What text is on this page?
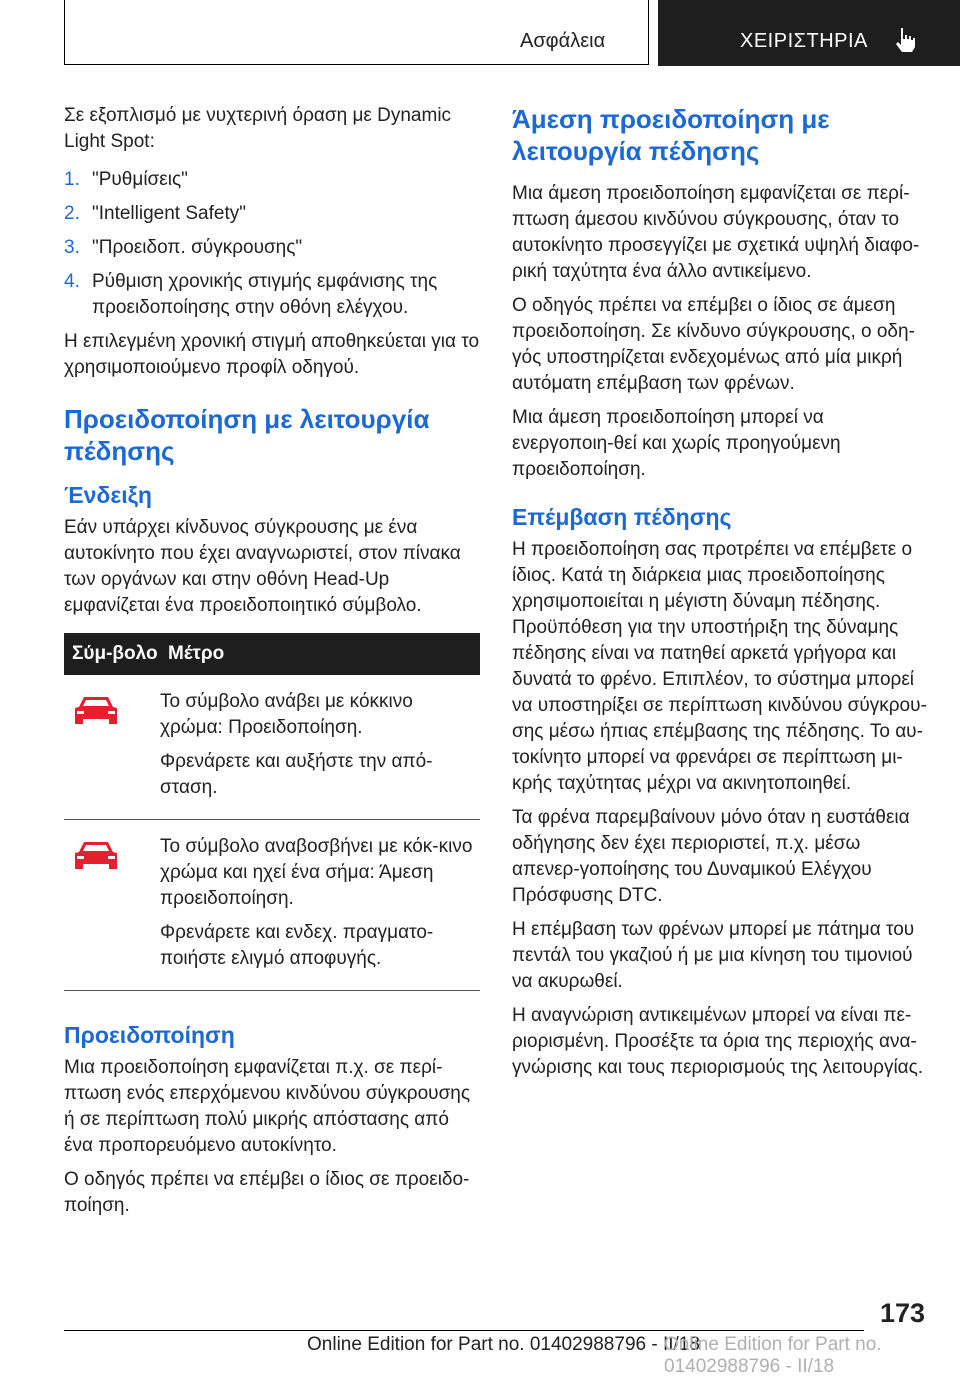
Ασφάλεια	ΧΕΙΡΙΣΤΗΡΙΑ

Σε εξοπλισμό με νυχτερινή όραση με Dynamic Light Spot:

1. "Ρυθμίσεις"
2. "Intelligent Safety"
3. "Προειδοπ. σύγκρουσης"
4. Ρύθμιση χρονικής στιγμής εμφάνισης της προειδοποίησης στην οθόνη ελέγχου.

Η επιλεγμένη χρονική στιγμή αποθηκεύεται για το χρησιμοποιούμενο προφίλ οδηγού.

Προειδοποίηση με λειτουργία πέδησης
Ένδειξη

Εάν υπάρχει κίνδυνος σύγκρουσης με ένα αυτοκίνητο που έχει αναγνωριστεί, στον πίνακα των οργάνων και στην οθόνη Head-Up εμφανίζεται ένα προειδοποιητικό σύμβολο.

Σύμ-βολο	Μέτρο

Το σύμβολο ανάβει με κόκκινο χρώμα: Προειδοποίηση.

Φρενάρετε και αυξήστε την από-σταση.

Το σύμβολο αναβοσβήνει με κόκ-κινο χρώμα και ηχεί ένα σήμα: Άμεση προειδοποίηση.

Φρενάρετε και ενδεχ. πραγματο-ποιήστε ελιγμό αποφυγής.

Προειδοποίηση

Μια προειδοποίηση εμφανίζεται π.χ. σε περί-πτωση ενός επερχόμενου κινδύνου σύγκρουσης ή σε περίπτωση πολύ μικρής απόστασης από ένα προπορευόμενο αυτοκίνητο.

Ο οδηγός πρέπει να επέμβει ο ίδιος σε προειδο-ποίηση.

Άμεση προειδοποίηση με λειτουργία πέδησης

Μια άμεση προειδοποίηση εμφανίζεται σε περί-πτωση άμεσου κινδύνου σύγκρουσης, όταν το αυτοκίνητο προσεγγίζει με σχετικά υψηλή διαφο-ρική ταχύτητα ένα άλλο αντικείμενο.

Ο οδηγός πρέπει να επέμβει ο ίδιος σε άμεση προειδοποίηση. Σε κίνδυνο σύγκρουσης, ο οδη-γός υποστηρίζεται ενδεχομένως από μία μικρή αυτόματη επέμβαση των φρένων.

Μια άμεση προειδοποίηση μπορεί να ενεργοποιη-θεί και χωρίς προηγούμενη προειδοποίηση.

Επέμβαση πέδησης

Η προειδοποίηση σας προτρέπει να επέμβετε ο ίδιος. Κατά τη διάρκεια μιας προειδοποίησης χρησιμοποιείται η μέγιστη δύναμη πέδησης. Προϋπόθεση για την υποστήριξη της δύναμης πέδησης είναι να πατηθεί αρκετά γρήγορα και δυνατά το φρένο. Επιπλέον, το σύστημα μπορεί να υποστηρίξει σε περίπτωση κινδύνου σύγκρου-σης μέσω ήπιας επέμβασης της πέδησης. Το αυ-τοκίνητο μπορεί να φρενάρει σε περίπτωση μι-κρής ταχύτητας μέχρι να ακινητοποιηθεί.

Τα φρένα παρεμβαίνουν μόνο όταν η ευστάθεια οδήγησης δεν έχει περιοριστεί, π.χ. μέσω απενερ-γοποίησης του Δυναμικού Ελέγχου Πρόσφυσης DTC.

Η επέμβαση των φρένων μπορεί με πάτημα του πεντάλ του γκαζιού ή με μια κίνηση του τιμονιού να ακυρωθεί.

Η αναγνώριση αντικειμένων μπορεί να είναι πε-ριορισμένη. Προσέξτε τα όρια της περιοχής ανα-γνώρισης και τους περιορισμούς της λειτουργίας.

173
Online Edition for Part no. 01402988796 - II/18
Online Edition for Part no. 01402988796 - II/18
